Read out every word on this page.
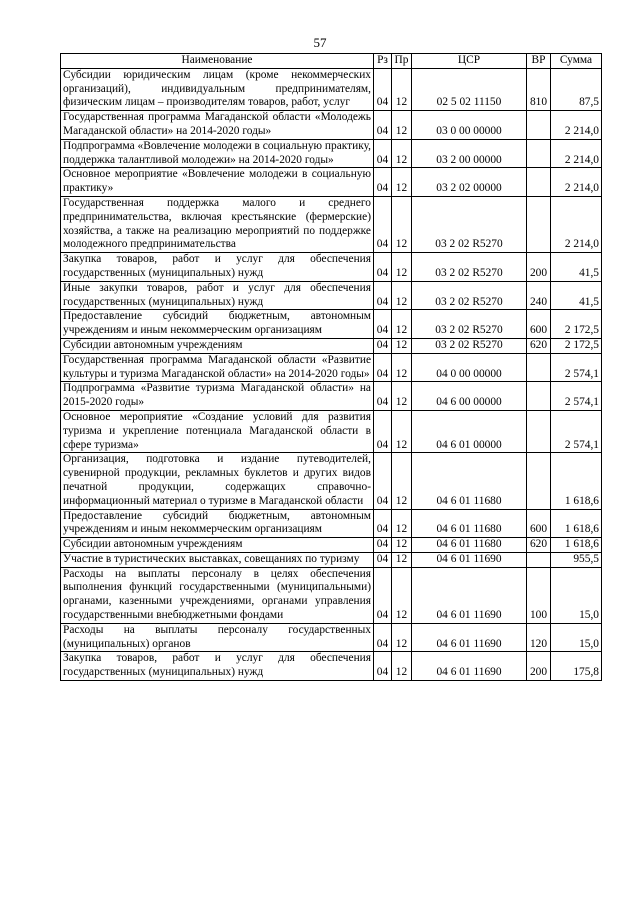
57
Наименование	Рз	Пр	ЦСР	ВР	Сумма
Субсидии юридическим лицам (кроме некоммерческих организаций), индивидуальным предпринимателям, физическим лицам – производителям товаров, работ, услуг	04	12	02 5 02 11150	810	87,5
Государственная программа Магаданской области «Молодежь Магаданской области» на 2014-2020 годы»	04	12	03 0 00 00000		2 214,0
Подпрограмма «Вовлечение молодежи в социальную практику, поддержка талантливой молодежи» на 2014-2020 годы»	04	12	03 2 00 00000		2 214,0
Основное мероприятие «Вовлечение молодежи в социальную практику»	04	12	03 2 02 00000		2 214,0
Государственная поддержка малого и среднего предпринимательства, включая крестьянские (фермерские) хозяйства, а также на реализацию мероприятий по поддержке молодежного предпринимательства	04	12	03 2 02 R5270		2 214,0
Закупка товаров, работ и услуг для обеспечения государственных (муниципальных) нужд	04	12	03 2 02 R5270	200	41,5
Иные закупки товаров, работ и услуг для обеспечения государственных (муниципальных) нужд	04	12	03 2 02 R5270	240	41,5
Предоставление субсидий бюджетным, автономным учреждениям и иным некоммерческим организациям	04	12	03 2 02 R5270	600	2 172,5
Субсидии автономным учреждениям	04	12	03 2 02 R5270	620	2 172,5
Государственная программа Магаданской области «Развитие культуры и туризма Магаданской области» на 2014-2020 годы»	04	12	04 0 00 00000		2 574,1
Подпрограмма «Развитие туризма Магаданской области» на 2015-2020 годы»	04	12	04 6 00 00000		2 574,1
Основное мероприятие «Создание условий для развития туризма и укрепление потенциала Магаданской области в сфере туризма»	04	12	04 6 01 00000		2 574,1
Организация, подготовка и издание путеводителей, сувенирной продукции, рекламных буклетов и других видов печатной продукции, содержащих справочно-информационный материал о туризме в Магаданской области	04	12	04 6 01 11680		1 618,6
Предоставление субсидий бюджетным, автономным учреждениям и иным некоммерческим организациям	04	12	04 6 01 11680	600	1 618,6
Субсидии автономным учреждениям	04	12	04 6 01 11680	620	1 618,6
Участие в туристических выставках, совещаниях по туризму	04	12	04 6 01 11690		955,5
Расходы на выплаты персоналу в целях обеспечения выполнения функций государственными (муниципальными) органами, казенными учреждениями, органами управления государственными внебюджетными фондами	04	12	04 6 01 11690	100	15,0
Расходы на выплаты персоналу государственных (муниципальных) органов	04	12	04 6 01 11690	120	15,0
Закупка товаров, работ и услуг для обеспечения государственных (муниципальных) нужд	04	12	04 6 01 11690	200	175,8
